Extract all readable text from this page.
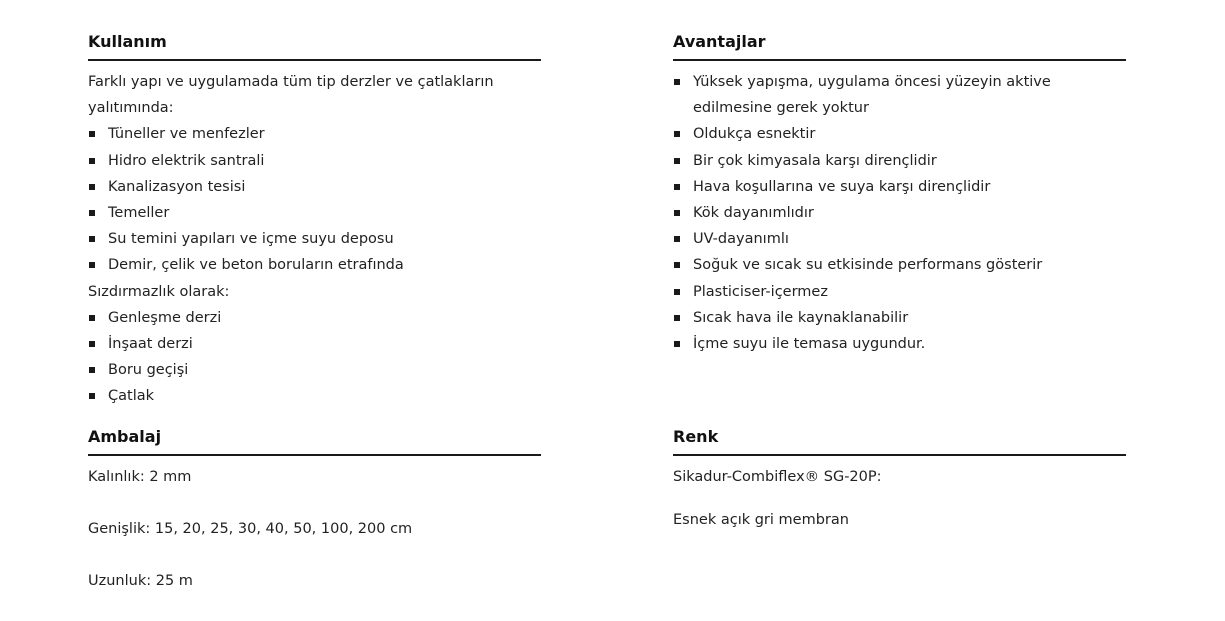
Kullanım

Farklı yapı ve uygulamada tüm tip derzler ve çatlakların yalıtımında:

Tüneller ve menfezler
Hidro elektrik santrali
Kanalizasyon tesisi
Temeller
Su temini yapıları ve içme suyu deposu
Demir, çelik ve beton boruların etrafında

Sızdırmazlık olarak:

Genleşme derzi
İnşaat derzi
Boru geçişi
Çatlak
Avantajlar
Yüksek yapışma, uygulama öncesi yüzeyin aktive edilmesine gerek yoktur
Oldukça esnektir
Bir çok kimyasala karşı dirençlidir
Hava koşullarına ve suya karşı dirençlidir
Kök dayanımlıdır
UV-dayanımlı
Soğuk ve sıcak su etkisinde performans gösterir
Plasticiser-içermez
Sıcak hava ile kaynaklanabilir
İçme suyu ile temasa uygundur.
Ambalaj

Kalınlık: 2 mm

Genişlik: 15, 20, 25, 30, 40, 50, 100, 200 cm

Uzunluk: 25 m

Renk

Sikadur-Combiflex® SG-20P:

Esnek açık gri membran
